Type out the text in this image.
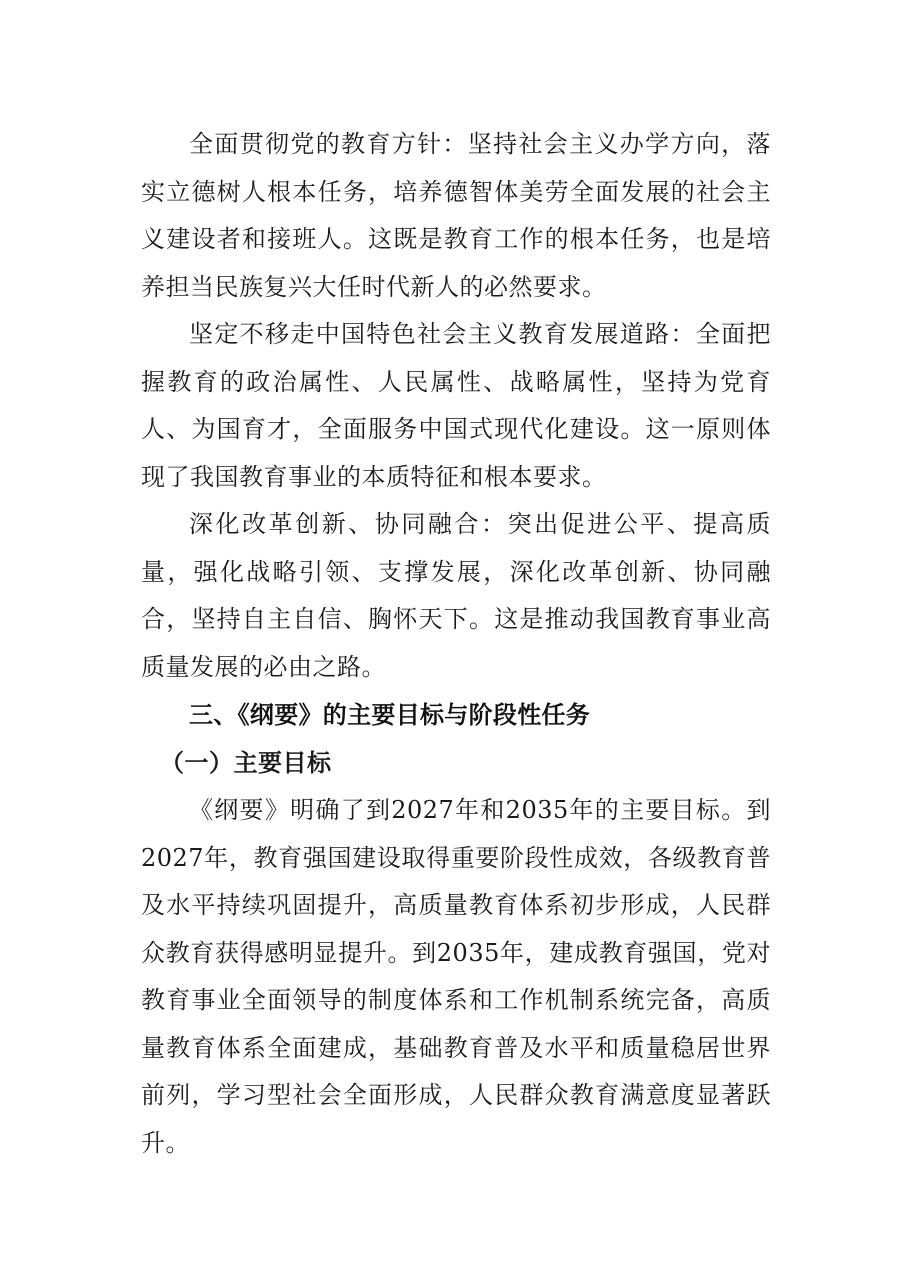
全面贯彻党的教育方针：坚持社会主义办学方向，落实立德树人根本任务，培养德智体美劳全面发展的社会主义建设者和接班人。这既是教育工作的根本任务，也是培养担当民族复兴大任时代新人的必然要求。

坚定不移走中国特色社会主义教育发展道路：全面把握教育的政治属性、人民属性、战略属性，坚持为党育人、为国育才，全面服务中国式现代化建设。这一原则体现了我国教育事业的本质特征和根本要求。

深化改革创新、协同融合：突出促进公平、提高质量，强化战略引领、支撑发展，深化改革创新、协同融合，坚持自主自信、胸怀天下。这是推动我国教育事业高质量发展的必由之路。

三、《纲要》的主要目标与阶段性任务
（一）主要目标

《纲要》明确了到2027年和2035年的主要目标。到2027年，教育强国建设取得重要阶段性成效，各级教育普及水平持续巩固提升，高质量教育体系初步形成，人民群众教育获得感明显提升。到2035年，建成教育强国，党对教育事业全面领导的制度体系和工作机制系统完备，高质量教育体系全面建成，基础教育普及水平和质量稳居世界前列，学习型社会全面形成，人民群众教育满意度显著跃升。
